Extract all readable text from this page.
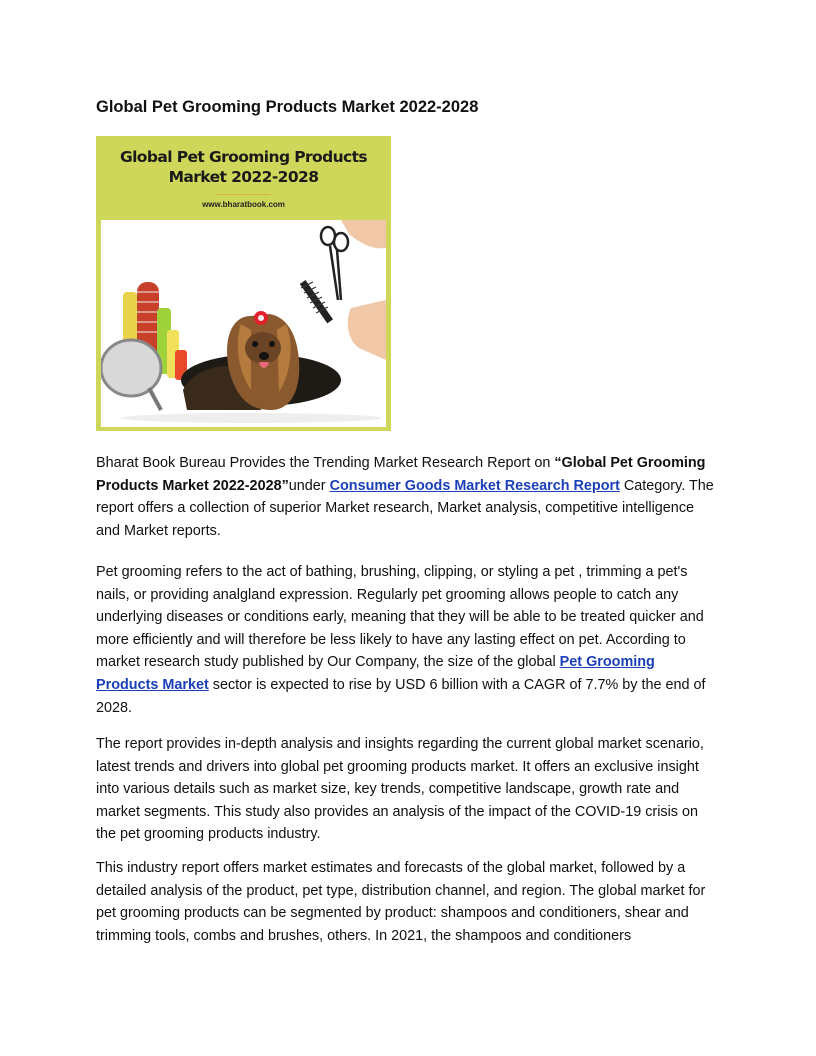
Global Pet Grooming Products Market 2022-2028
Global Pet Grooming Products
Market 2022-2028
......................
www.bharatbook.com
Bharat Book Bureau Provides the Trending Market Research Report on “Global Pet Grooming Products Market 2022-2028”under Consumer Goods Market Research Report Category. The report offers a collection of superior Market research, Market analysis, competitive intelligence and Market reports.
Pet grooming refers to the act of bathing, brushing, clipping, or styling a pet , trimming a pet's nails, or providing analgland expression. Regularly pet grooming allows people to catch any underlying diseases or conditions early, meaning that they will be able to be treated quicker and more efficiently and will therefore be less likely to have any lasting effect on pet. According to market research study published by Our Company, the size of the global Pet Grooming Products Market sector is expected to rise by USD 6 billion with a CAGR of 7.7% by the end of 2028.
The report provides in-depth analysis and insights regarding the current global market scenario, latest trends and drivers into global pet grooming products market. It offers an exclusive insight into various details such as market size, key trends, competitive landscape, growth rate and market segments. This study also provides an analysis of the impact of the COVID-19 crisis on the pet grooming products industry.
This industry report offers market estimates and forecasts of the global market, followed by a detailed analysis of the product, pet type, distribution channel, and region. The global market for pet grooming products can be segmented by product: shampoos and conditioners, shear and trimming tools, combs and brushes, others. In 2021, the shampoos and conditioners
